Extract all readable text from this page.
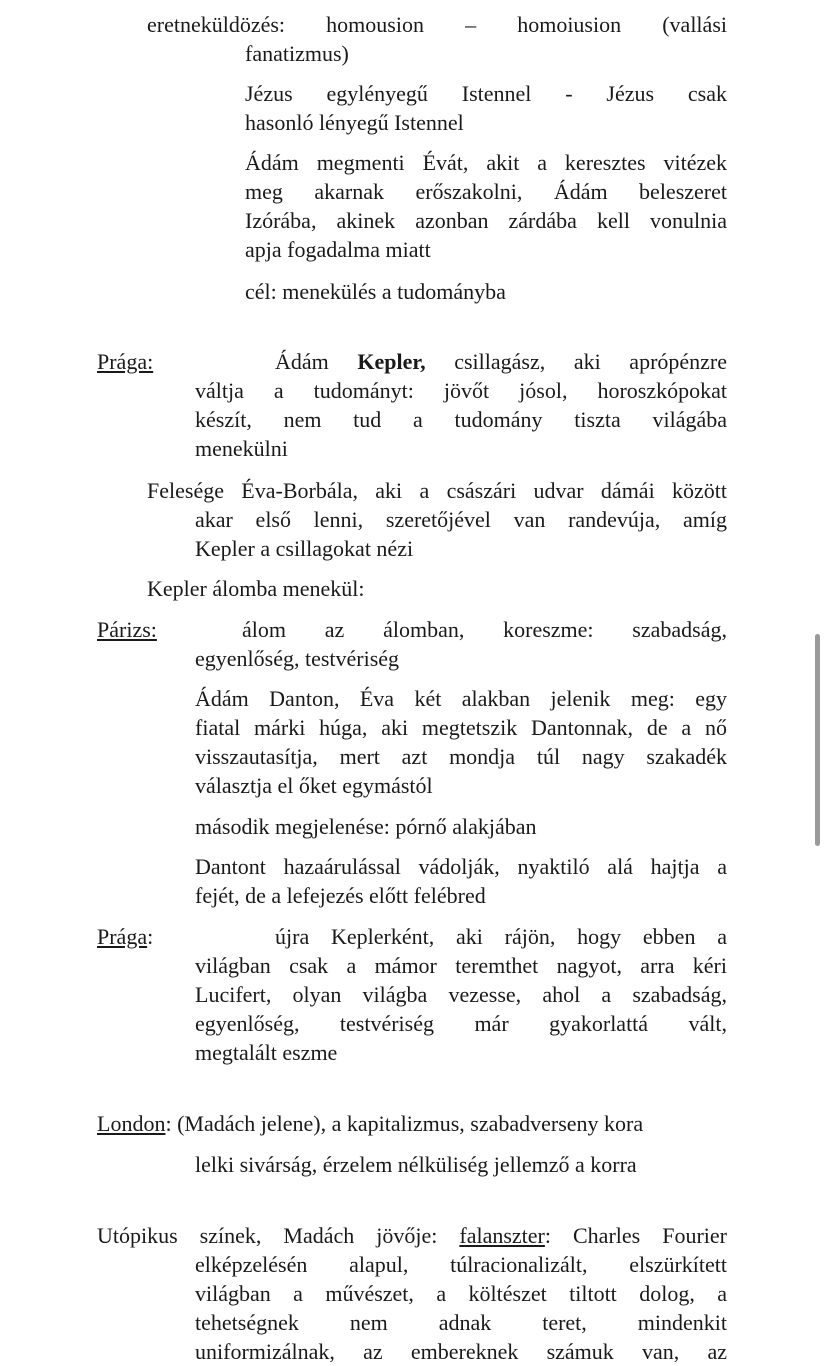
eretneküldözés: homousion – homoiusion (vallási
fanatizmus)
Jézus egylényegű Istennel - Jézus csak
hasonló lényegű Istennel
Ádám megmenti Évát, akit a keresztes vitézek
meg akarnak erőszakolni, Ádám beleszeret
Izórába, akinek azonban zárdába kell vonulnia
apja fogadalma miatt
cél: menekülés a tudományba
Prága:	Ádám Kepler, csillagász, aki aprópénzre
váltja a tudományt: jövőt jósol, horoszkópokat
készít, nem tud a tudomány tiszta világába
menekülni
Felesége Éva-Borbála, aki a császári udvar dámái között
akar első lenni, szeretőjével van randevúja, amíg
Kepler a csillagokat nézi
Kepler álomba menekül:
Párizs:	álom az álomban, koreszme: szabadság,
egyenlőség, testvériség
Ádám Danton, Éva két alakban jelenik meg: egy
fiatal márki húga, aki megtetszik Dantonnak, de a nő
visszautasítja, mert azt mondja túl nagy szakadék
választja el őket egymástól
második megjelenése: pórnő alakjában
Dantont hazaárulással vádolják, nyaktiló alá hajtja a
fejét, de a lefejezés előtt felébred
Prága:	újra Keplerként, aki rájön, hogy ebben a
világban csak a mámor teremthet nagyot, arra kéri
Lucifert, olyan világba vezesse, ahol a szabadság,
egyenlőség, testvériség már gyakorlattá vált,
megtalált eszme
London: (Madách jelene), a kapitalizmus, szabadverseny kora
lelki sivárság, érzelem nélküliség jellemző a korra
Utópikus színek, Madách jövője: falanszter: Charles Fourier
elképzelésén alapul, túlracionalizált, elszürkített
világban a művészet, a költészet tiltott dolog, a
tehetségnek nem adnak teret, mindenkit
uniformizálnak, az embereknek számuk van, az
